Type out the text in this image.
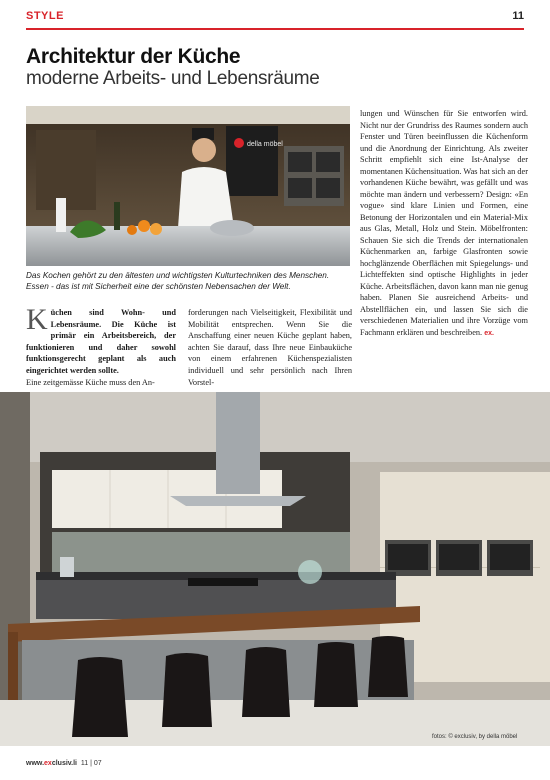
STYLE	11
Architektur der Küche
moderne Arbeits- und Lebensräume
della möbel

Das Kochen gehört zu den ältesten und wichtigsten Kulturtechniken des Menschen. Essen - das ist mit Sicherheit eine der schönsten Nebensachen der Welt.

lungen und Wünschen für Sie entworfen wird. Nicht nur der Grundriss des Raumes sondern auch Fenster und Türen beeinflussen die Küchenform und die Anordnung der Einrichtung. Als zweiter Schritt empfiehlt sich eine Ist-Analyse der momentanen Küchensituation. Was hat sich an der vorhandenen Küche bewährt, was gefällt und was möchte man ändern und verbessern? Design: «En vogue» sind klare Linien und Formen, eine Betonung der Horizontalen und ein Material-Mix aus Glas, Metall, Holz und Stein. Möbelfronten: Schauen Sie sich die Trends der internationalen Küchenmarken an, farbige Glasfronten sowie hochglänzende Oberflächen mit Spiegelungs- und Lichteffekten sind optische Highlights in jeder Küche. Arbeitsflächen, davon kann man nie genug haben. Planen Sie ausreichend Arbeits- und Abstellflächen ein, und lassen Sie sich die verschiedenen Materialien und ihre Vorzüge vom Fachmann erklären und beschreiben. ex.

Küchen sind Wohn- und Lebensräume. Die Küche ist primär ein Arbeitsbereich, der funktionieren und daher sowohl funktionsgerecht geplant als auch eingerichtet werden sollte.

Eine zeitgemässe Küche muss den An-

forderungen nach Vielseitigkeit, Flexibilität und Mobilität entsprechen. Wenn Sie die Anschaffung einer neuen Küche geplant haben, achten Sie darauf, dass Ihre neue Einbauküche von einem erfahrenen Küchenspezialisten individuell und sehr persönlich nach Ihren Vorstel-

fotos: © exclusiv, by della möbel
www.exclusiv.li 11 | 07
